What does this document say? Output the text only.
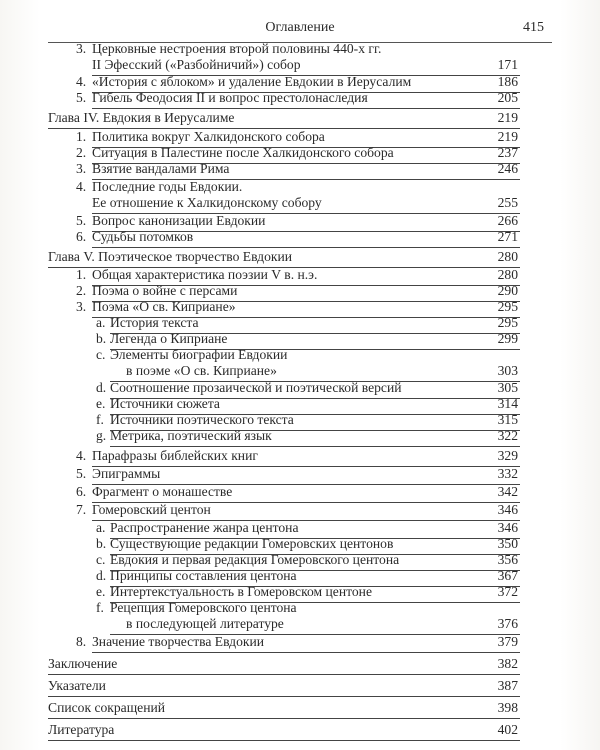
Оглавление	415
3. Церковные нестроения второй половины 440-х гг.
II Эфесский («Разбойничий») собор	171
4. «История с яблоком» и удаление Евдокии в Иерусалим	186
5. Гибель Феодосия II и вопрос престолонаследия	205
Глава IV. Евдокия в Иерусалиме	219
1. Политика вокруг Халкидонского собора	219
2. Ситуация в Палестине после Халкидонского собора	237
3. Взятие вандалами Рима	246
4. Последние годы Евдокии.
Ее отношение к Халкидонскому собору	255
5. Вопрос канонизации Евдокии	266
6. Судьбы потомков	271
Глава V. Поэтическое творчество Евдокии	280
1. Общая характеристика поэзии V в. н.э.	280
2. Поэма о войне с персами	290
3. Поэма «О св. Киприане»	295
a. История текста	295
b. Легенда о Киприане	299
c. Элементы биографии Евдокии
в поэме «О св. Киприане»	303
d. Соотношение прозаической и поэтической версий	305
e. Источники сюжета	314
f. Источники поэтического текста	315
g. Метрика, поэтический язык	322
4. Парафразы библейских книг	329
5. Эпиграммы	332
6. Фрагмент о монашестве	342
7. Гомеровский центон	346
a. Распространение жанра центона	346
b. Существующие редакции Гомеровских центонов	350
c. Евдокия и первая редакция Гомеровского центона	356
d. Принципы составления центона	367
e. Интертекстуальность в Гомеровском центоне	372
f. Рецепция Гомеровского центона
в последующей литературе	376
8. Значение творчества Евдокии	379
Заключение	382
Указатели	387
Список сокращений	398
Литература	402
